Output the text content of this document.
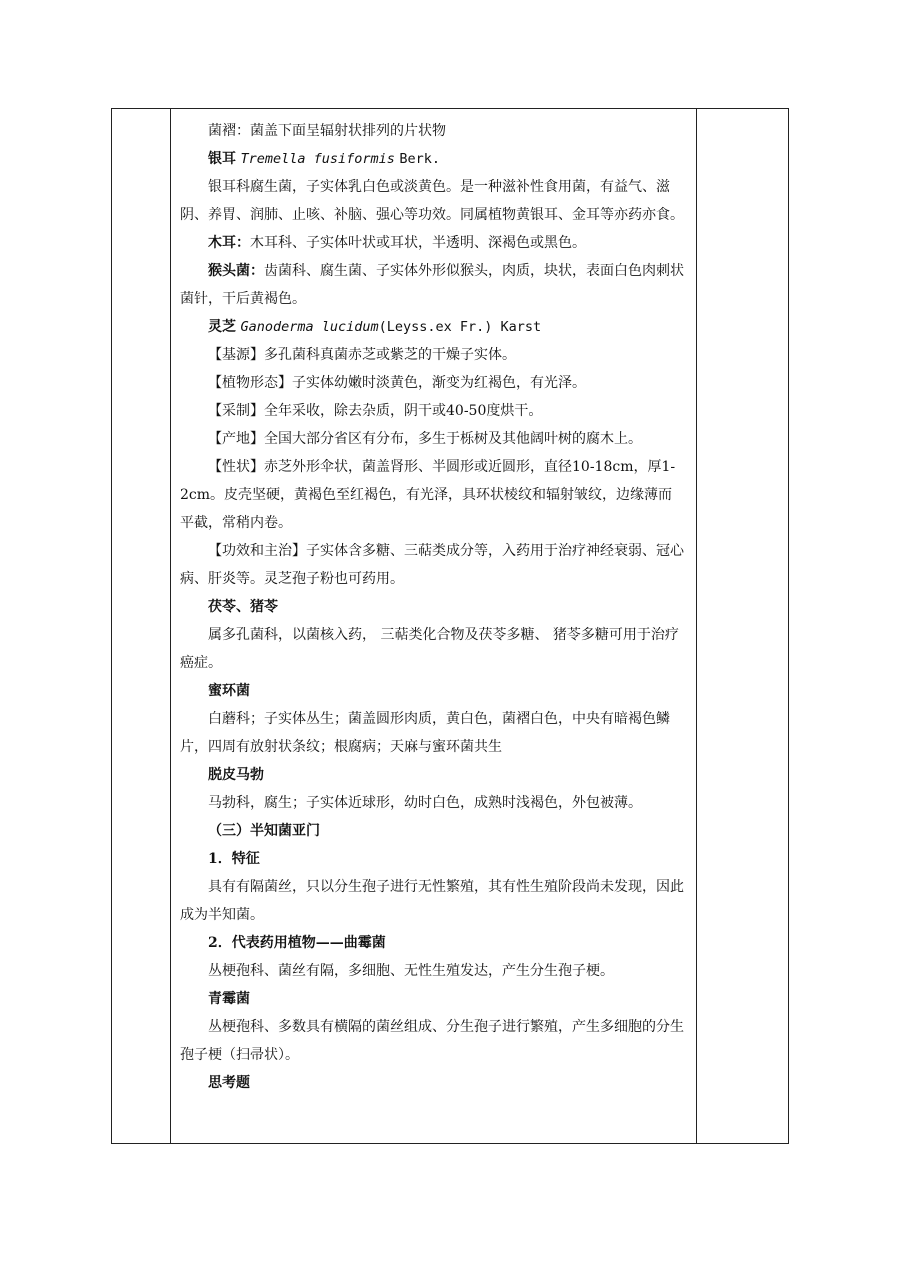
菌褶：菌盖下面呈辐射状排列的片状物

银耳 Tremella fusiformis Berk.

银耳科腐生菌，子实体乳白色或淡黄色。是一种滋补性食用菌，有益气、滋阴、养胃、润肺、止咳、补脑、强心等功效。同属植物黄银耳、金耳等亦药亦食。

木耳：木耳科、子实体叶状或耳状，半透明、深褐色或黑色。

猴头菌：齿菌科、腐生菌、子实体外形似猴头，肉质，块状，表面白色肉刺状菌针，干后黄褐色。

灵芝 Ganoderma lucidum(Leyss.ex Fr.) Karst

【基源】多孔菌科真菌赤芝或紫芝的干燥子实体。

【植物形态】子实体幼嫩时淡黄色，渐变为红褐色，有光泽。

【采制】全年采收，除去杂质，阴干或40-50度烘干。

【产地】全国大部分省区有分布，多生于栎树及其他阔叶树的腐木上。

【性状】赤芝外形伞状，菌盖肾形、半圆形或近圆形，直径10-18cm，厚1-2cm。皮壳坚硬，黄褐色至红褐色，有光泽，具环状棱纹和辐射皱纹，边缘薄而平截，常稍内卷。

【功效和主治】子实体含多糖、三萜类成分等，入药用于治疗神经衰弱、冠心病、肝炎等。灵芝孢子粉也可药用。

茯苓、猪苓

属多孔菌科，以菌核入药， 三萜类化合物及茯苓多糖、 猪苓多糖可用于治疗癌症。

蜜环菌

白蘑科；子实体丛生；菌盖圆形肉质，黄白色，菌褶白色，中央有暗褐色鳞片，四周有放射状条纹；根腐病；天麻与蜜环菌共生

脱皮马勃

马勃科，腐生；子实体近球形，幼时白色，成熟时浅褐色，外包被薄。

（三）半知菌亚门

1．特征

具有有隔菌丝，只以分生孢子进行无性繁殖，其有性生殖阶段尚未发现，因此成为半知菌。

2．代表药用植物——曲霉菌

丛梗孢科、菌丝有隔，多细胞、无性生殖发达，产生分生孢子梗。

青霉菌

丛梗孢科、多数具有横隔的菌丝组成、分生孢子进行繁殖，产生多细胞的分生孢子梗（扫帚状）。

思考题
